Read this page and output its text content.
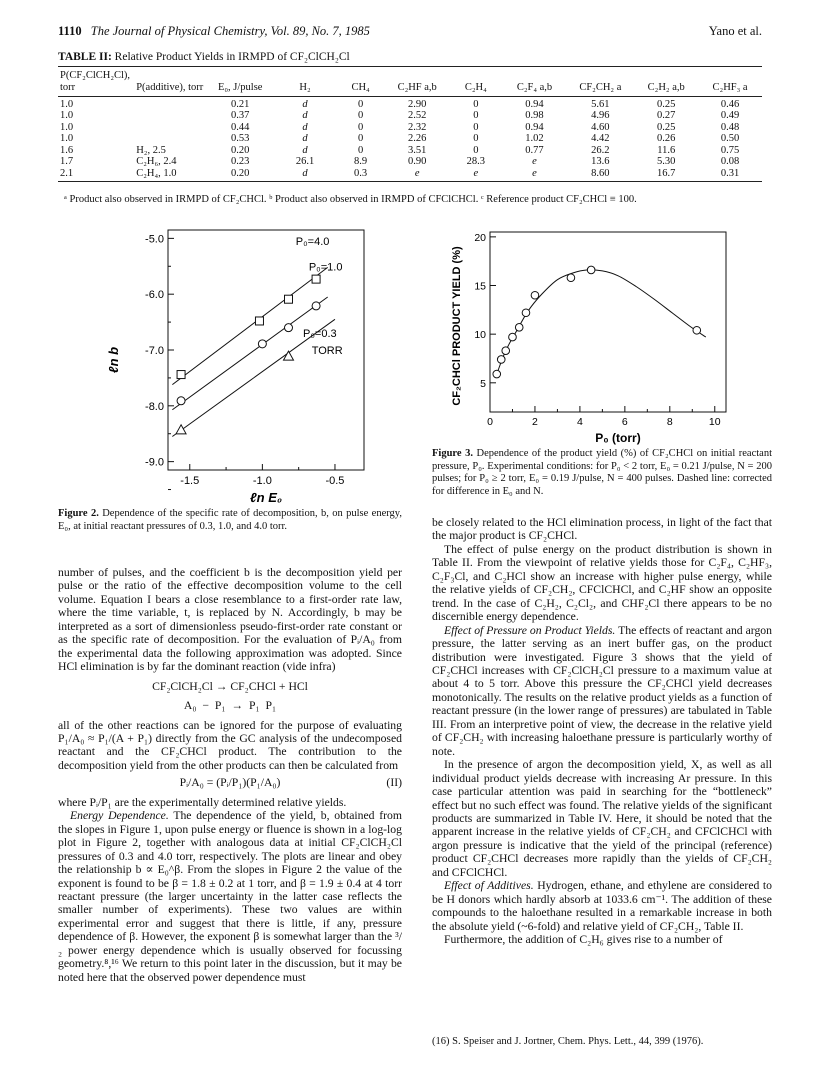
1110 The Journal of Physical Chemistry, Vol. 89, No. 7, 1985	Yano et al.
TABLE II: Relative Product Yields in IRMPD of CF₂ClCH₂Cl
P(CF₂ClCH₂Cl), torr	P(additive), torr	E₀, J/pulse	H₂	CH₄	C₂HF a,b	C₂H₄	C₂F₄ a,b	CF₂CH₂ a	C₂H₂ a,b	C₂HF₃ a

1.0		0.21	d	0	2.90	0	0.94	5.61	0.25	0.46
1.0		0.37	d	0	2.52	0	0.98	4.96	0.27	0.49
1.0		0.44	d	0	2.32	0	0.94	4.60	0.25	0.48
1.0		0.53	d	0	2.26	0	1.02	4.42	0.26	0.50
1.6	H₂, 2.5	0.20	d	0	3.51	0	0.77	26.2	11.6	0.75
1.7	C₂H₆, 2.4	0.23	26.1	8.9	0.90	28.3	e	13.6	5.30	0.08
2.1	C₂H₄, 1.0	0.20	d	0.3	e	e	e	8.60	16.7	0.31
ᵃ Product also observed in IRMPD of CF₂CHCl. ᵇ Product also observed in IRMPD of CFClCHCl. ᶜ Reference product CF₂CHCl ≡ 100.
-5.0
-6.0
-7.0
-8.0
-9.0
-1.5	-1.0	-0.5
ℓn E₀
ℓn b
P₀=4.0
P₀=1.0
P₀=0.3
TORR
Figure 2. Dependence of the specific rate of decomposition, b, on pulse energy, E₀, at initial reactant pressures of 0.3, 1.0, and 4.0 torr.
5
10
15
20
0	2	4	6	8	10
P₀ (torr)
CF₂CHCl PRODUCT YIELD (%)
Figure 3. Dependence of the product yield (%) of CF₂CHCl on initial reactant pressure, P₀. Experimental conditions: for P₀ < 2 torr, E₀ = 0.21 J/pulse, N = 200 pulses; for P₀ ≥ 2 torr, E₀ = 0.19 J/pulse, N = 400 pulses. Dashed line: corrected for difference in E₀ and N.

number of pulses, and the coefficient b is the decomposition yield per pulse or the ratio of the effective decomposition volume to the cell volume. Equation I bears a close resemblance to a first-order rate law, where the time variable, t, is replaced by N. Accordingly, b may be interpreted as a sort of dimensionless pseudo-first-order rate constant or as the specific rate of decomposition. For the evaluation of Pᵢ/A₀ from the experimental data the following approximation was adopted. Since HCl elimination is by far the dominant reaction (vide infra)

CF₂ClCH₂Cl → CF₂CHCl + HCl

A₀ − P₁ → P₁ P₁

all of the other reactions can be ignored for the purpose of evaluating P₁/A₀ ≈ P₁/(A + P₁) directly from the GC analysis of the undecomposed reactant and the CF₂CHCl product. The contribution to the decomposition yield from the other products can then be calculated from

Pᵢ/A₀ = (Pᵢ/P₁)(P₁/A₀)	(II)

where Pᵢ/P₁ are the experimentally determined relative yields.

Energy Dependence. The dependence of the yield, b, obtained from the slopes in Figure 1, upon pulse energy or fluence is shown in a log-log plot in Figure 2, together with analogous data at initial CF₂ClCH₂Cl pressures of 0.3 and 4.0 torr, respectively. The plots are linear and obey the relationship b ∝ E₀^β. From the slopes in Figure 2 the value of the exponent is found to be β = 1.8 ± 0.2 at 1 torr, and β = 1.9 ± 0.4 at 4 torr reactant pressure (the larger uncertainty in the latter case reflects the smaller number of experiments). These two values are within experimental error and suggest that there is little, if any, pressure dependence of β. However, the exponent β is somewhat larger than the ³/₂ power energy dependence which is usually observed for focussing geometry.⁸,¹⁶ We return to this point later in the discussion, but it may be noted here that the observed power dependence must

be closely related to the HCl elimination process, in light of the fact that the major product is CF₂CHCl.

The effect of pulse energy on the product distribution is shown in Table II. From the viewpoint of relative yields those for C₂F₄, C₂HF₃, C₂F₃Cl, and C₂HCl show an increase with higher pulse energy, while the relative yields of CF₂CH₂, CFClCHCl, and C₂HF show an opposite trend. In the case of C₂H₂, C₂Cl₂, and CHF₂Cl there appears to be no discernible energy dependence.

Effect of Pressure on Product Yields. The effects of reactant and argon pressure, the latter serving as an inert buffer gas, on the product distribution were investigated. Figure 3 shows that the yield of CF₂CHCl increases with CF₂ClCH₂Cl pressure to a maximum value at about 4 to 5 torr. Above this pressure the CF₂CHCl yield decreases monotonically. The results on the relative product yields as a function of reactant pressure (in the lower range of pressures) are tabulated in Table III. From an interpretive point of view, the decrease in the relative yield of CF₂CH₂ with increasing haloethane pressure is particularly worthy of note.

In the presence of argon the decomposition yield, X, as well as all individual product yields decrease with increasing Ar pressure. In this case particular attention was paid in searching for the “bottleneck” effect but no such effect was found. The relative yields of the significant products are summarized in Table IV. Here, it should be noted that the apparent increase in the relative yields of CF₂CH₂ and CFClCHCl with argon pressure is indicative that the yield of the principal (reference) product CF₂CHCl decreases more rapidly than the yields of CF₂CH₂ and CFClCHCl.

Effect of Additives. Hydrogen, ethane, and ethylene are considered to be H donors which hardly absorb at 1033.6 cm⁻¹. The addition of these compounds to the haloethane resulted in a remarkable increase in both the absolute yield (~6-fold) and relative yield of CF₂CH₂, Table II.

Furthermore, the addition of C₂H₆ gives rise to a number of

(16) S. Speiser and J. Jortner, Chem. Phys. Lett., 44, 399 (1976).
